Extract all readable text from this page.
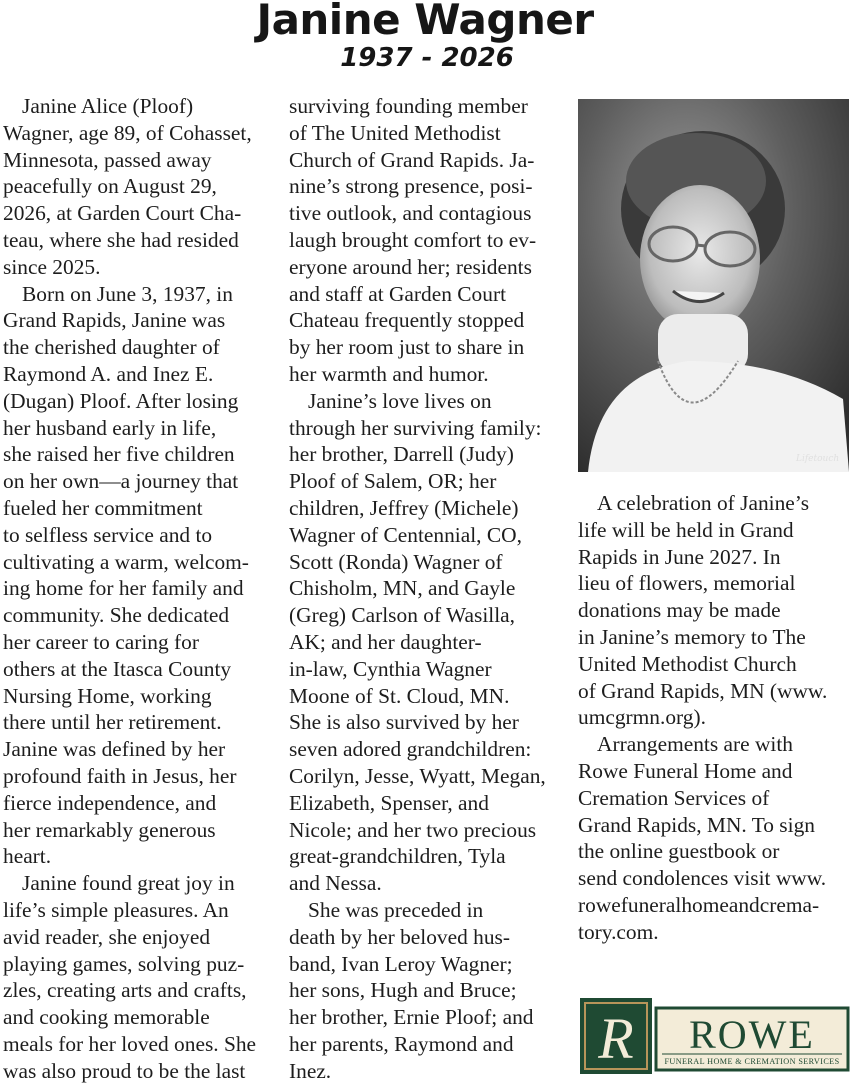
Janine Wagner
1937 - 2026
Janine Alice (Ploof)
Wagner, age 89, of Cohasset,
Minnesota, passed away
peacefully on August 29,
2026, at Garden Court Cha-
teau, where she had resided
since 2025.
Born on June 3, 1937, in
Grand Rapids, Janine was
the cherished daughter of
Raymond A. and Inez E.
(Dugan) Ploof. After losing
her husband early in life,
she raised her five children
on her own—a journey that
fueled her commitment
to selfless service and to
cultivating a warm, welcom-
ing home for her family and
community. She dedicated
her career to caring for
others at the Itasca County
Nursing Home, working
there until her retirement.
Janine was defined by her
profound faith in Jesus, her
fierce independence, and
her remarkably generous
heart.
Janine found great joy in
life’s simple pleasures. An
avid reader, she enjoyed
playing games, solving puz-
zles, creating arts and crafts,
and cooking memorable
meals for her loved ones. She
was also proud to be the last
surviving founding member
of The United Methodist
Church of Grand Rapids. Ja-
nine’s strong presence, posi-
tive outlook, and contagious
laugh brought comfort to ev-
eryone around her; residents
and staff at Garden Court
Chateau frequently stopped
by her room just to share in
her warmth and humor.
Janine’s love lives on
through her surviving family:
her brother, Darrell (Judy)
Ploof of Salem, OR; her
children, Jeffrey (Michele)
Wagner of Centennial, CO,
Scott (Ronda) Wagner of
Chisholm, MN, and Gayle
(Greg) Carlson of Wasilla,
AK; and her daughter-
in-law, Cynthia Wagner
Moone of St. Cloud, MN.
She is also survived by her
seven adored grandchildren:
Corilyn, Jesse, Wyatt, Megan,
Elizabeth, Spenser, and
Nicole; and her two precious
great-grandchildren, Tyla
and Nessa.
She was preceded in
death by her beloved hus-
band, Ivan Leroy Wagner;
her sons, Hugh and Bruce;
her brother, Ernie Ploof; and
her parents, Raymond and
Inez.
Lifetouch
A celebration of Janine’s
life will be held in Grand
Rapids in June 2027. In
lieu of flowers, memorial
donations may be made
in Janine’s memory to The
United Methodist Church
of Grand Rapids, MN (www.
umcgrmn.org).
Arrangements are with
Rowe Funeral Home and
Cremation Services of
Grand Rapids, MN. To sign
the online guestbook or
send condolences visit www.
rowefuneralhomeandcrema-
tory.com.
R ROWE
FUNERAL HOME & CREMATION SERVICES
